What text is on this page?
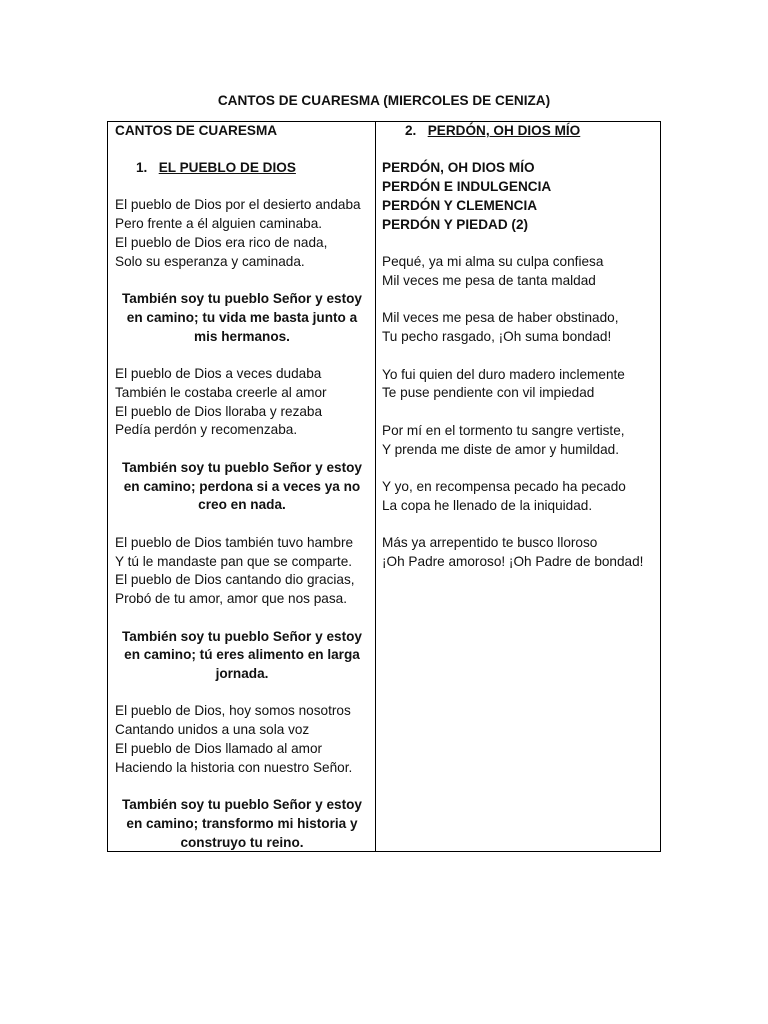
CANTOS DE CUARESMA (MIERCOLES DE CENIZA)
CANTOS DE CUARESMA
1. EL PUEBLO DE DIOS
El pueblo de Dios por el desierto andaba
Pero frente a él alguien caminaba.
El pueblo de Dios era rico de nada,
Solo su esperanza y caminada.
También soy tu pueblo Señor y estoy en camino; tu vida me basta junto a mis hermanos.
El pueblo de Dios a veces dudaba
También le costaba creerle al amor
El pueblo de Dios lloraba y rezaba
Pedía perdón y recomenzaba.
También soy tu pueblo Señor y estoy en camino; perdona si a veces ya no creo en nada.
El pueblo de Dios también tuvo hambre
Y tú le mandaste pan que se comparte.
El pueblo de Dios cantando dio gracias,
Probó de tu amor, amor que nos pasa.
También soy tu pueblo Señor y estoy en camino; tú eres alimento en larga jornada.
El pueblo de Dios, hoy somos nosotros
Cantando unidos a una sola voz
El pueblo de Dios llamado al amor
Haciendo la historia con nuestro Señor.
También soy tu pueblo Señor y estoy en camino; transformo mi historia y construyo tu reino.
2. PERDÓN, OH DIOS MÍO
PERDÓN, OH DIOS MÍO
PERDÓN E INDULGENCIA
PERDÓN Y CLEMENCIA
PERDÓN Y PIEDAD (2)
Pequé, ya mi alma su culpa confiesa
Mil veces me pesa de tanta maldad
Mil veces me pesa de haber obstinado,
Tu pecho rasgado, ¡Oh suma bondad!
Yo fui quien del duro madero inclemente
Te puse pendiente con vil impiedad
Por mí en el tormento tu sangre vertiste,
Y prenda me diste de amor y humildad.
Y yo, en recompensa pecado ha pecado
La copa he llenado de la iniquidad.
Más ya arrepentido te busco lloroso
¡Oh Padre amoroso! ¡Oh Padre de bondad!
